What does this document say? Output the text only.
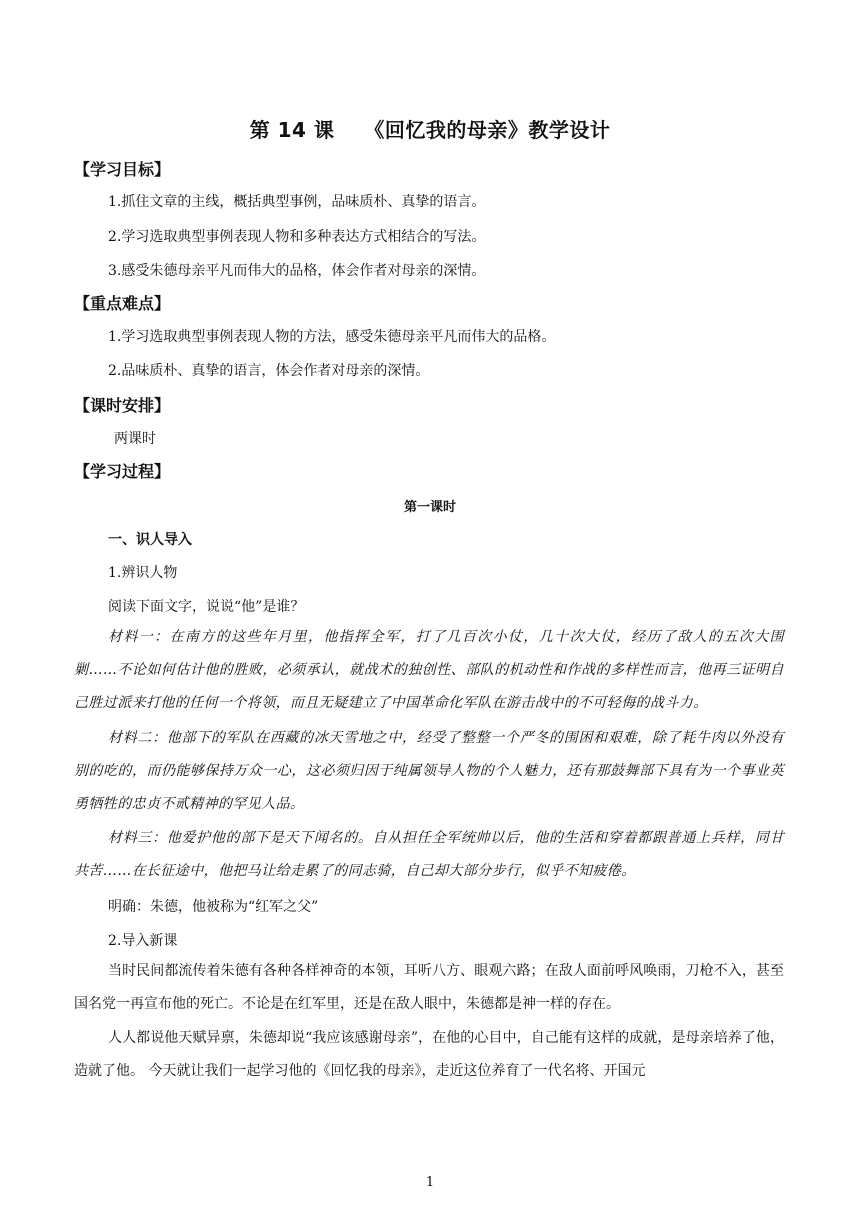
第 14 课 《回忆我的母亲》教学设计
【学习目标】
1.抓住文章的主线，概括典型事例，品味质朴、真挚的语言。
2.学习选取典型事例表现人物和多种表达方式相结合的写法。
3.感受朱德母亲平凡而伟大的品格，体会作者对母亲的深情。
【重点难点】
1.学习选取典型事例表现人物的方法，感受朱德母亲平凡而伟大的品格。
2.品味质朴、真挚的语言，体会作者对母亲的深情。
【课时安排】
两课时
【学习过程】
第一课时
一、识人导入
1.辨识人物
阅读下面文字，说说“他”是谁？
材料一：在南方的这些年月里，他指挥全军，打了几百次小仗，几十次大仗，经历了敌人的五次大围剿……不论如何估计他的胜败，必须承认，就战术的独创性、部队的机动性和作战的多样性而言，他再三证明自己胜过派来打他的任何一个将领，而且无疑建立了中国革命化军队在游击战中的不可轻侮的战斗力。
材料二：他部下的军队在西藏的冰天雪地之中，经受了整整一个严冬的围困和艰难，除了耗牛肉以外没有别的吃的，而仍能够保持万众一心，这必须归因于纯属领导人物的个人魅力，还有那鼓舞部下具有为一个事业英勇牺牲的忠贞不贰精神的罕见人品。
材料三：他爱护他的部下是天下闻名的。自从担任全军统帅以后，他的生活和穿着都跟普通上兵样，同甘共苦……在长征途中，他把马让给走累了的同志骑，自己却大部分步行，似乎不知疲倦。
明确：朱德，他被称为“红军之父”
2.导入新课
当时民间都流传着朱德有各种各样神奇的本领，耳听八方、眼观六路；在敌人面前呼风唤雨，刀枪不入，甚至国名党一再宣布他的死亡。不论是在红军里，还是在敌人眼中，朱德都是神一样的存在。
人人都说他天赋异禀，朱德却说“我应该感谢母亲”，在他的心目中，自己能有这样的成就，是母亲培养了他，造就了他。 今天就让我们一起学习他的《回忆我的母亲》，走近这位养育了一代名将、开国元
1
